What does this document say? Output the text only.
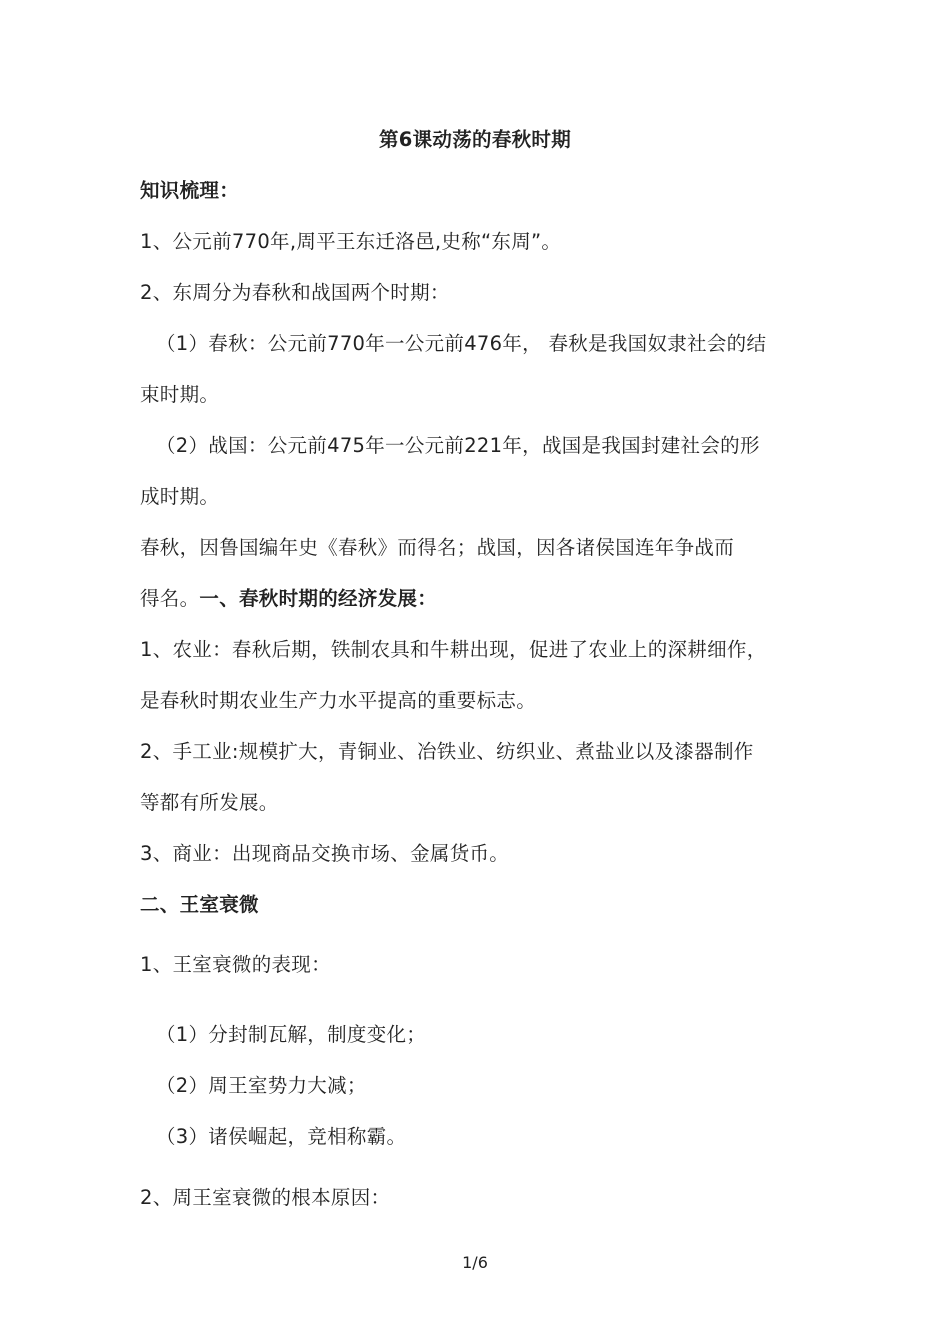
第6课动荡的春秋时期
知识梳理：
1、公元前770年,周平王东迁洛邑,史称“东周”。
2、东周分为春秋和战国两个时期：
（1）春秋：公元前770年一公元前476年， 春秋是我国奴隶社会的结
束时期。
（2）战国：公元前475年一公元前221年，战国是我国封建社会的形
成时期。
春秋，因鲁国编年史《春秋》而得名；战国，因各诸侯国连年争战而
得名。一、春秋时期的经济发展：
1、农业：春秋后期，铁制农具和牛耕出现，促进了农业上的深耕细作，
是春秋时期农业生产力水平提高的重要标志。
2、手工业:规模扩大，青铜业、冶铁业、纺织业、煮盐业以及漆器制作
等都有所发展。
3、商业：出现商品交换市场、金属货币。
二、王室衰微
1、王室衰微的表现：
（1）分封制瓦解，制度变化；
（2）周王室势力大减；
（3）诸侯崛起，竞相称霸。
2、周王室衰微的根本原因：
1/6
